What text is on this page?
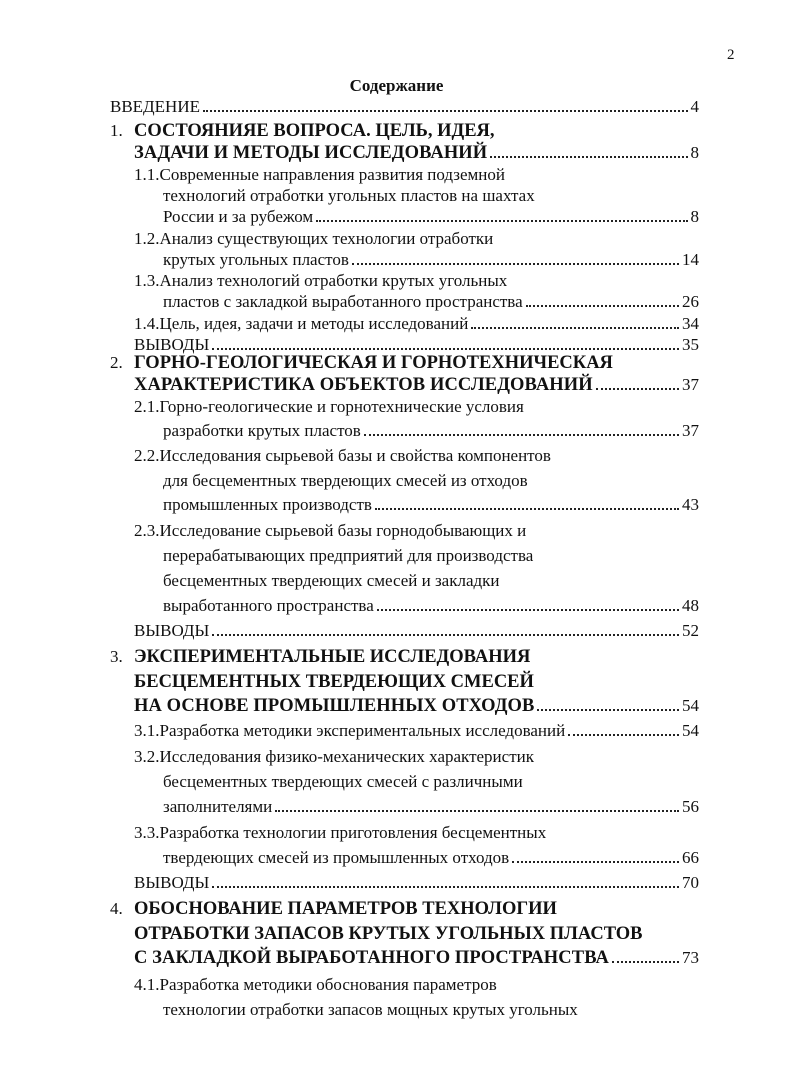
2
Содержание
ВВЕДЕНИЕ	4
1. СОСТОЯНИЯЕ ВОПРОСА. ЦЕЛЬ, ИДЕЯ,
ЗАДАЧИ И МЕТОДЫ ИССЛЕДОВАНИЙ	8
1.1.Современные направления развития подземной
технологий отработки угольных пластов на шахтах
России и за рубежом	8
1.2.Анализ существующих технологии отработки
крутых угольных пластов	14
1.3.Анализ технологий отработки крутых угольных
пластов с закладкой выработанного пространства	26
1.4.Цель, идея, задачи и методы исследований	34
ВЫВОДЫ	35
2. ГОРНО-ГЕОЛОГИЧЕСКАЯ И ГОРНОТЕХНИЧЕСКАЯ
ХАРАКТЕРИСТИКА ОБЪЕКТОВ ИССЛЕДОВАНИЙ	37
2.1.Горно-геологические и горнотехнические условия
разработки крутых пластов	37
2.2.Исследования сырьевой базы и свойства компонентов
для бесцементных твердеющих смесей из отходов
промышленных производств	43
2.3.Исследование сырьевой базы горнодобывающих и
перерабатывающих предприятий для производства
бесцементных твердеющих смесей и закладки
выработанного пространства	48
ВЫВОДЫ	52
3. ЭКСПЕРИМЕНТАЛЬНЫЕ ИССЛЕДОВАНИЯ
БЕСЦЕМЕНТНЫХ ТВЕРДЕЮЩИХ СМЕСЕЙ
НА ОСНОВЕ ПРОМЫШЛЕННЫХ ОТХОДОВ	54
3.1.Разработка методики экспериментальных исследований	54
3.2.Исследования физико-механических характеристик
бесцементных твердеющих смесей с различными
заполнителями	56
3.3.Разработка технологии приготовления бесцементных
твердеющих смесей из промышленных отходов	66
ВЫВОДЫ	70
4. ОБОСНОВАНИЕ ПАРАМЕТРОВ ТЕХНОЛОГИИ
ОТРАБОТКИ ЗАПАСОВ КРУТЫХ УГОЛЬНЫХ ПЛАСТОВ
С ЗАКЛАДКОЙ ВЫРАБОТАННОГО ПРОСТРАНСТВА	73
4.1.Разработка методики обоснования параметров
технологии отработки запасов мощных крутых угольных
